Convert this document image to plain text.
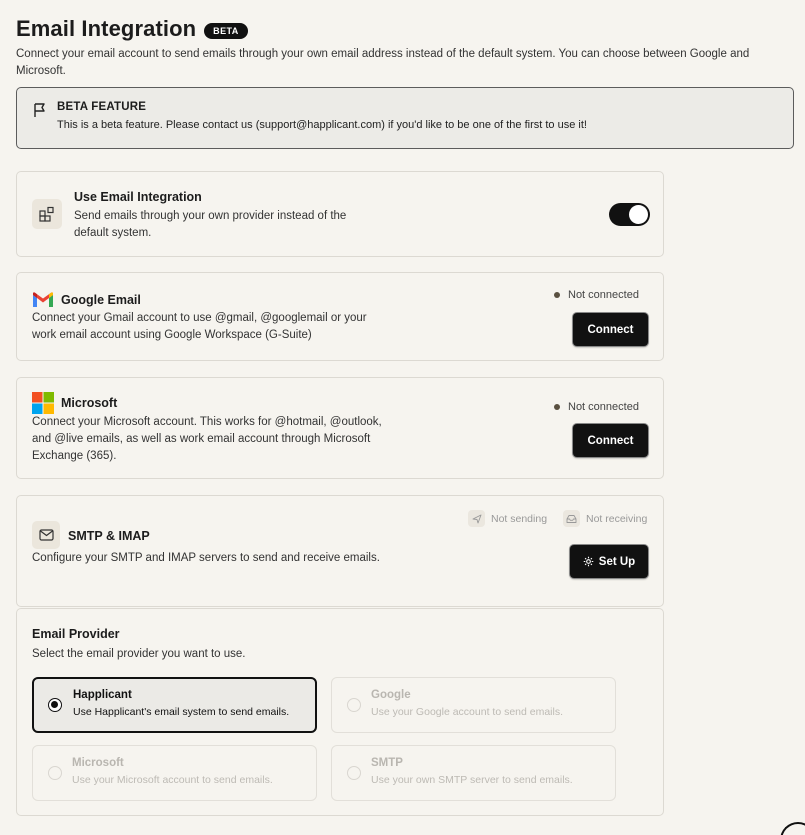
Email Integration	BETA
Connect your email account to send emails through your own email address instead of the default system. You can choose between Google and Microsoft.
BETA FEATURE
This is a beta feature. Please contact us (support@happlicant.com) if you'd like to be one of the first to use it!
Use Email Integration
Send emails through your own provider instead of the
default system.
Google Email
Connect your Gmail account to use @gmail, @googlemail or your
work email account using Google Workspace (G-Suite)
Not connected
Connect
Microsoft
Connect your Microsoft account. This works for @hotmail, @outlook,
and @live emails, as well as work email account through Microsoft
Exchange (365).
Not connected
Connect
SMTP & IMAP
Configure your SMTP and IMAP servers to send and receive emails.
Not sending	Not receiving
Set Up
Email Provider
Select the email provider you want to use.
Happlicant
Use Happlicant's email system to send emails.
Google
Use your Google account to send emails.
Microsoft
Use your Microsoft account to send emails.
SMTP
Use your own SMTP server to send emails.
